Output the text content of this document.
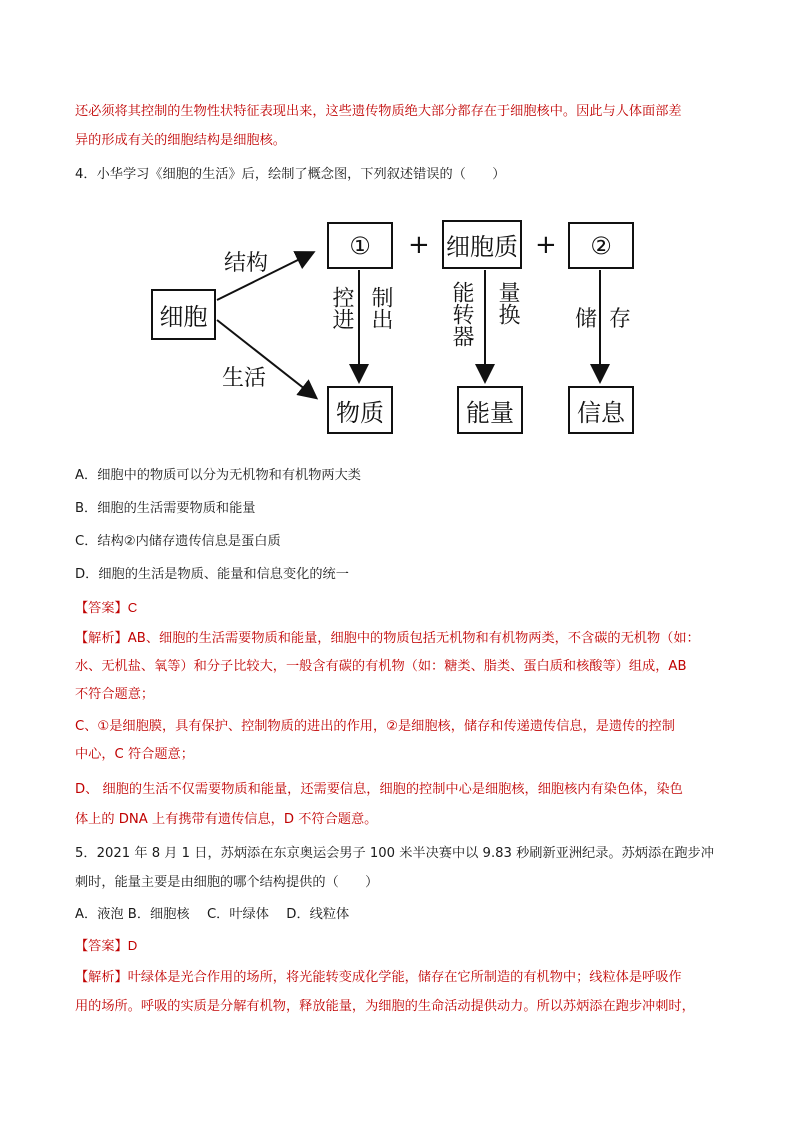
还必须将其控制的生物性状特征表现出来，这些遗传物质绝大部分都存在于细胞核中。因此与人体面部差
异的形成有关的细胞结构是细胞核。
4．小华学习《细胞的生活》后，绘制了概念图，下列叙述错误的（　　）
细胞
结构
生活
①	+ 细胞质 +	②
控进 制出	能转器 量换 储 存
物质	能量	信息
A．细胞中的物质可以分为无机物和有机物两大类
B．细胞的生活需要物质和能量
C．结构②内储存遗传信息是蛋白质
D．细胞的生活是物质、能量和信息变化的统一
【答案】C
【解析】AB、细胞的生活需要物质和能量，细胞中的物质包括无机物和有机物两类，不含碳的无机物（如：
水、无机盐、氧等）和分子比较大，一般含有碳的有机物（如：糖类、脂类、蛋白质和核酸等）组成，AB
不符合题意；
C、①是细胞膜，具有保护、控制物质的进出的作用，②是细胞核，储存和传递遗传信息，是遗传的控制
中心，C 符合题意；
D、 细胞的生活不仅需要物质和能量，还需要信息，细胞的控制中心是细胞核，细胞核内有染色体，染色
体上的 DNA 上有携带有遗传信息，D 不符合题意。
5．2021 年 8 月 1 日，苏炳添在东京奥运会男子 100 米半决赛中以 9.83 秒刷新亚洲纪录。苏炳添在跑步冲
刺时，能量主要是由细胞的哪个结构提供的（　　）
A．液泡 B．细胞核　 C．叶绿体　 D．线粒体
【答案】D
【解析】叶绿体是光合作用的场所，将光能转变成化学能，储存在它所制造的有机物中；线粒体是呼吸作
用的场所。呼吸的实质是分解有机物，释放能量，为细胞的生命活动提供动力。所以苏炳添在跑步冲刺时，
